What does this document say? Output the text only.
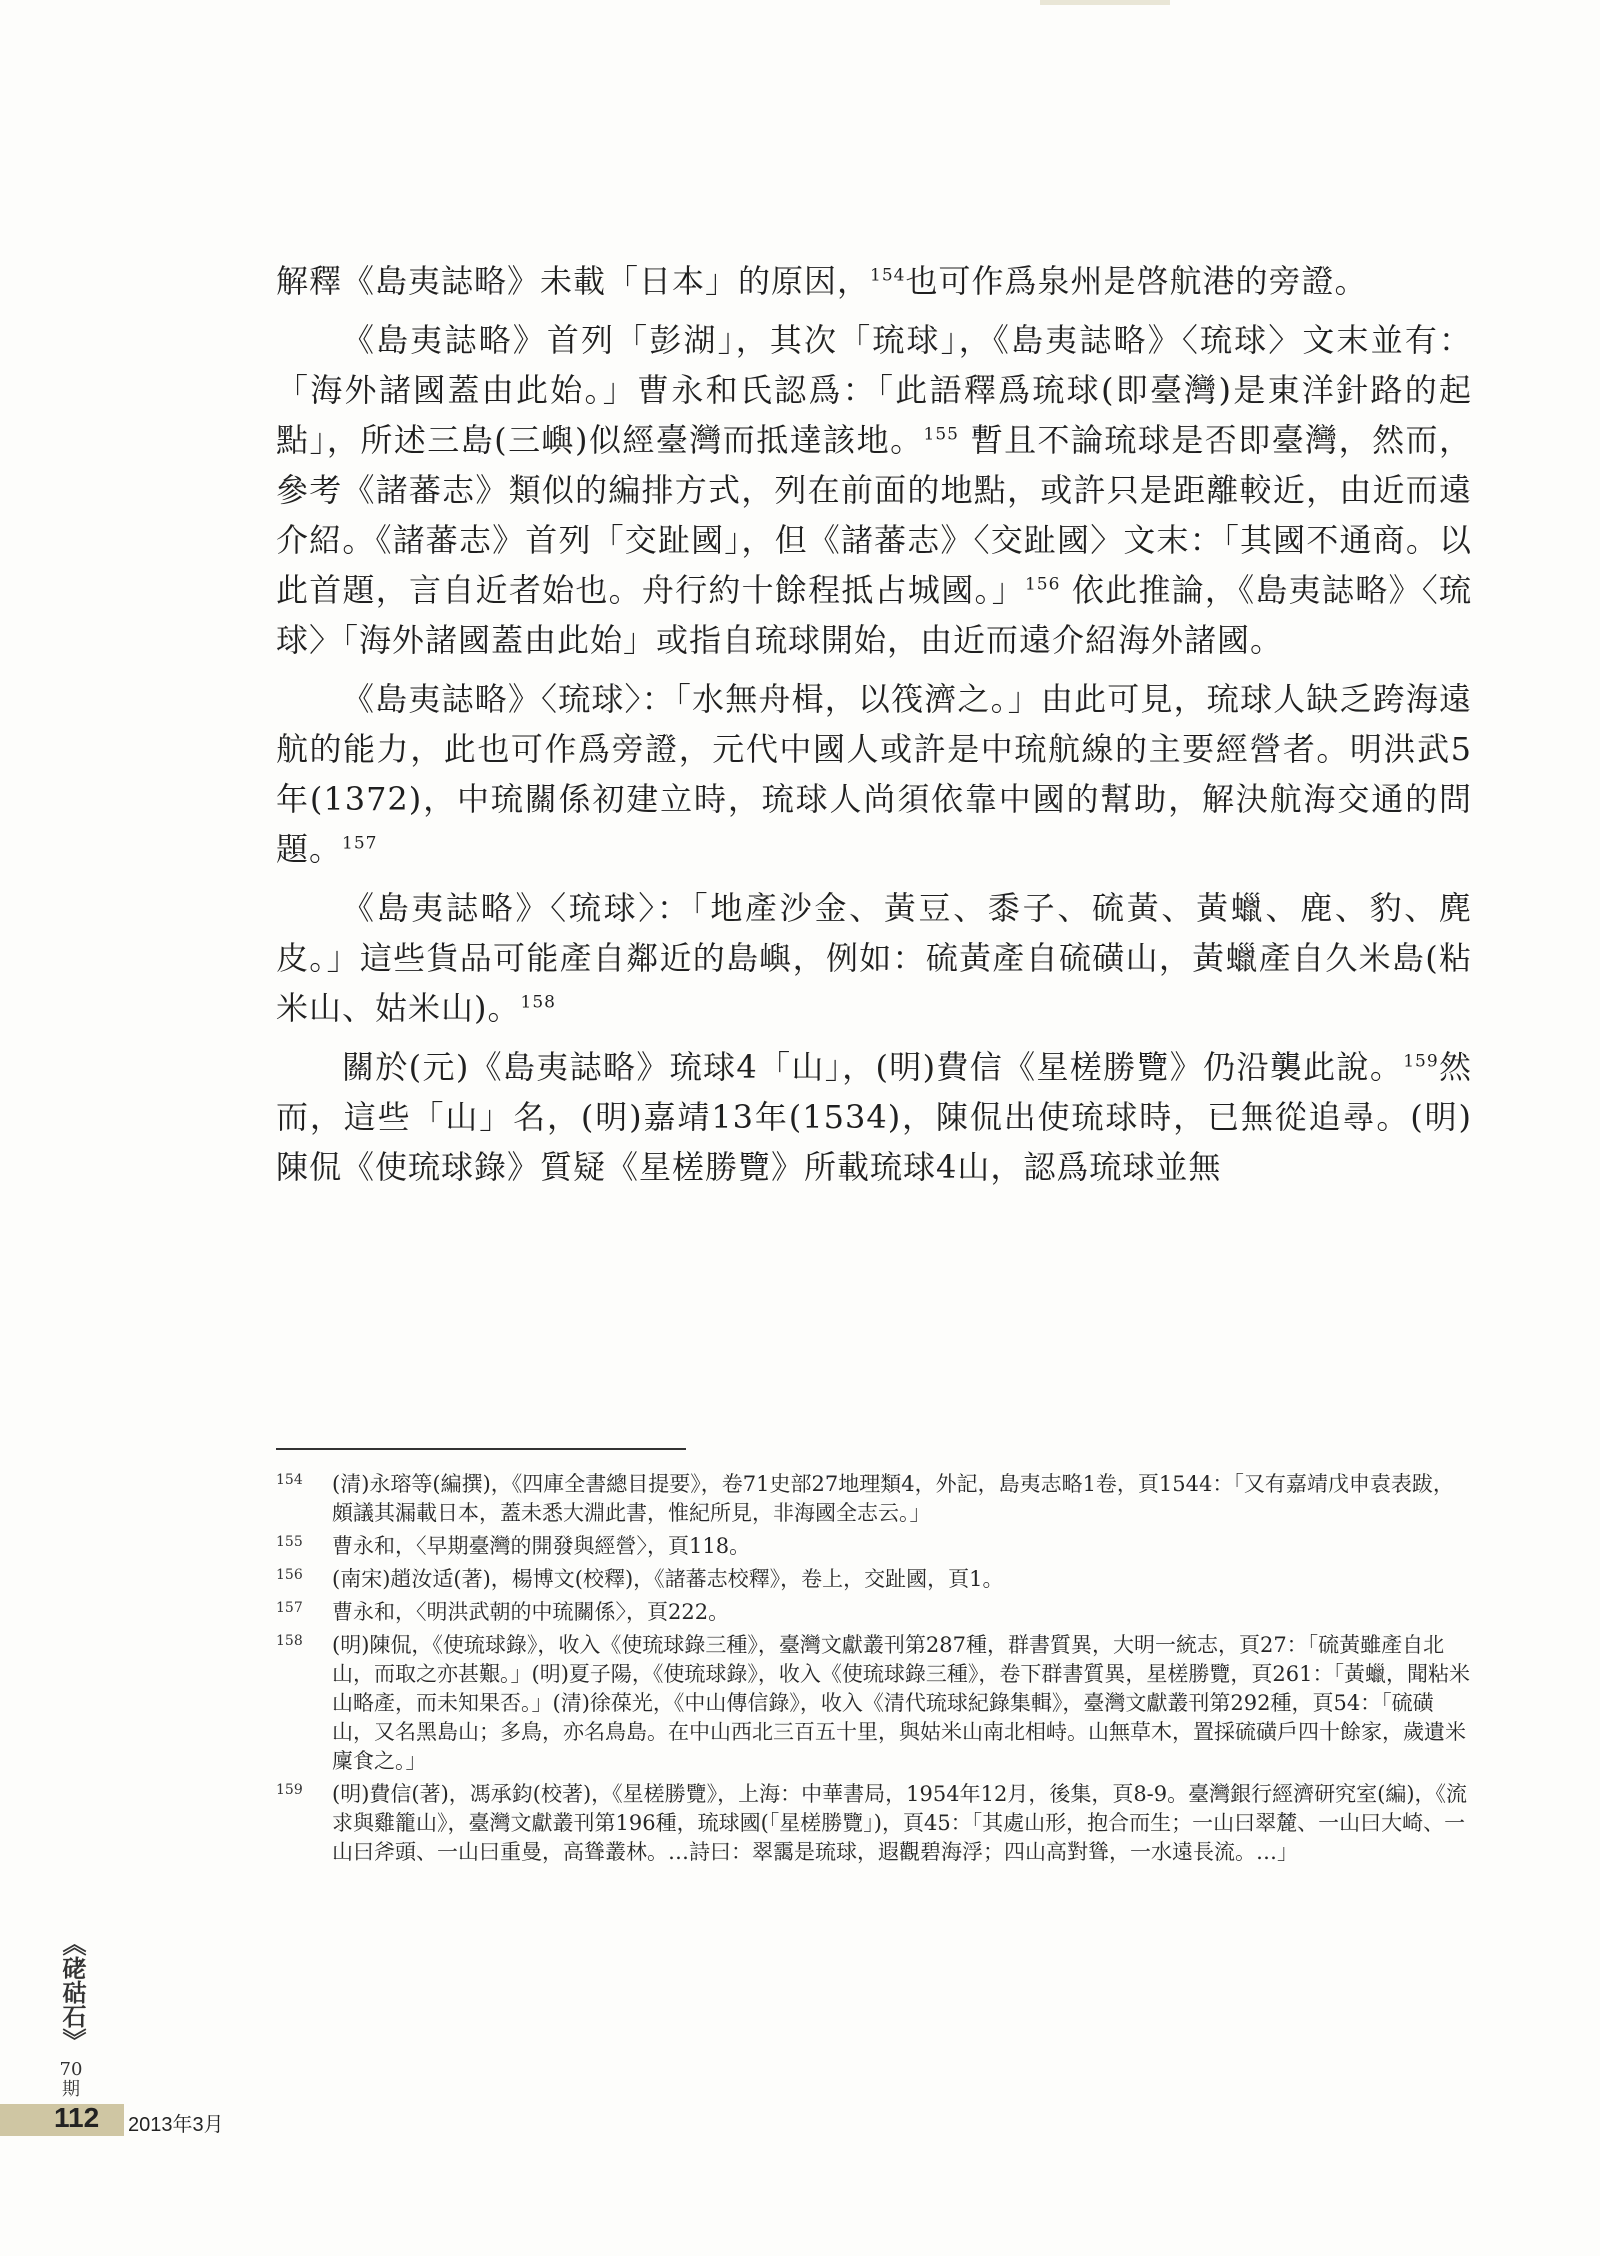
解釋《島夷誌略》未載「日本」的原因，$^{154}$也可作爲泉州是啓航港的旁證。

《島夷誌略》首列「彭湖」，其次「琉球」，《島夷誌略》〈琉球〉文末並有：「海外諸國蓋由此始。」曹永和氏認爲：「此語釋爲琉球(即臺灣)是東洋針路的起點」，所述三島(三嶼)似經臺灣而抵達該地。$^{155}$ 暫且不論琉球是否即臺灣，然而，參考《諸蕃志》類似的編排方式，列在前面的地點，或許只是距離較近，由近而遠介紹。《諸蕃志》首列「交趾國」，但《諸蕃志》〈交趾國〉文末：「其國不通商。以此首題，言自近者始也。舟行約十餘程抵占城國。」$^{156}$ 依此推論，《島夷誌略》〈琉球〉「海外諸國蓋由此始」或指自琉球開始，由近而遠介紹海外諸國。

《島夷誌略》〈琉球〉：「水無舟楫，以筏濟之。」由此可見，琉球人缺乏跨海遠航的能力，此也可作爲旁證，元代中國人或許是中琉航線的主要經營者。明洪武5年(1372)，中琉關係初建立時，琉球人尚須依靠中國的幫助，解決航海交通的問題。$^{157}$

《島夷誌略》〈琉球〉：「地產沙金、黃豆、黍子、硫黃、黃蠟、鹿、豹、麂皮。」這些貨品可能產自鄰近的島嶼，例如：硫黃產自硫磺山，黃蠟產自久米島(粘米山、姑米山)。$^{158}$

關於(元)《島夷誌略》琉球4「山」，(明)費信《星槎勝覽》仍沿襲此說。$^{159}$然而，這些「山」名，(明)嘉靖13年(1534)，陳侃出使琉球時，已無從追尋。(明)陳侃《使琉球錄》質疑《星槎勝覽》所載琉球4山，認爲琉球並無

154 (清)永瑢等(編撰)，《四庫全書總目提要》，卷71史部27地理類4，外記，島夷志略1卷，頁1544：「又有嘉靖戊申袁表跋，頗議其漏載日本，蓋未悉大淵此書，惟紀所見，非海國全志云。」
155 曹永和，〈早期臺灣的開發與經營〉，頁118。
156 (南宋)趙汝适(著)，楊博文(校釋)，《諸蕃志校釋》，卷上，交趾國，頁1。
157 曹永和，〈明洪武朝的中琉關係〉，頁222。
158 (明)陳侃，《使琉球錄》，收入《使琉球錄三種》，臺灣文獻叢刊第287種，群書質異，大明一統志，頁27：「硫黃雖產自北山，而取之亦甚艱。」(明)夏子陽，《使琉球錄》，收入《使琉球錄三種》，卷下群書質異，星槎勝覽，頁261：「黃蠟，聞粘米山略產，而未知果否。」(清)徐葆光，《中山傳信錄》，收入《清代琉球紀錄集輯》，臺灣文獻叢刊第292種，頁54：「硫磺山，又名黑島山；多鳥，亦名鳥島。在中山西北三百五十里，與姑米山南北相峙。山無草木，置採硫磺戶四十餘家，歲遺米廩食之。」
159 (明)費信(著)，馮承鈞(校著)，《星槎勝覽》，上海：中華書局，1954年12月，後集，頁8-9。臺灣銀行經濟研究室(編)，《流求與雞籠山》，臺灣文獻叢刊第196種，琉球國(「星槎勝覽」)，頁45：「其處山形，抱合而生；一山曰翠麓、一山曰大崎、一山曰斧頭、一山曰重曼，高聳叢林。…詩曰：翠靄是琉球，遐觀碧海浮；四山高對聳，一水遠長流。…」
《硓𥑮石》
70期
112 2013年3月
